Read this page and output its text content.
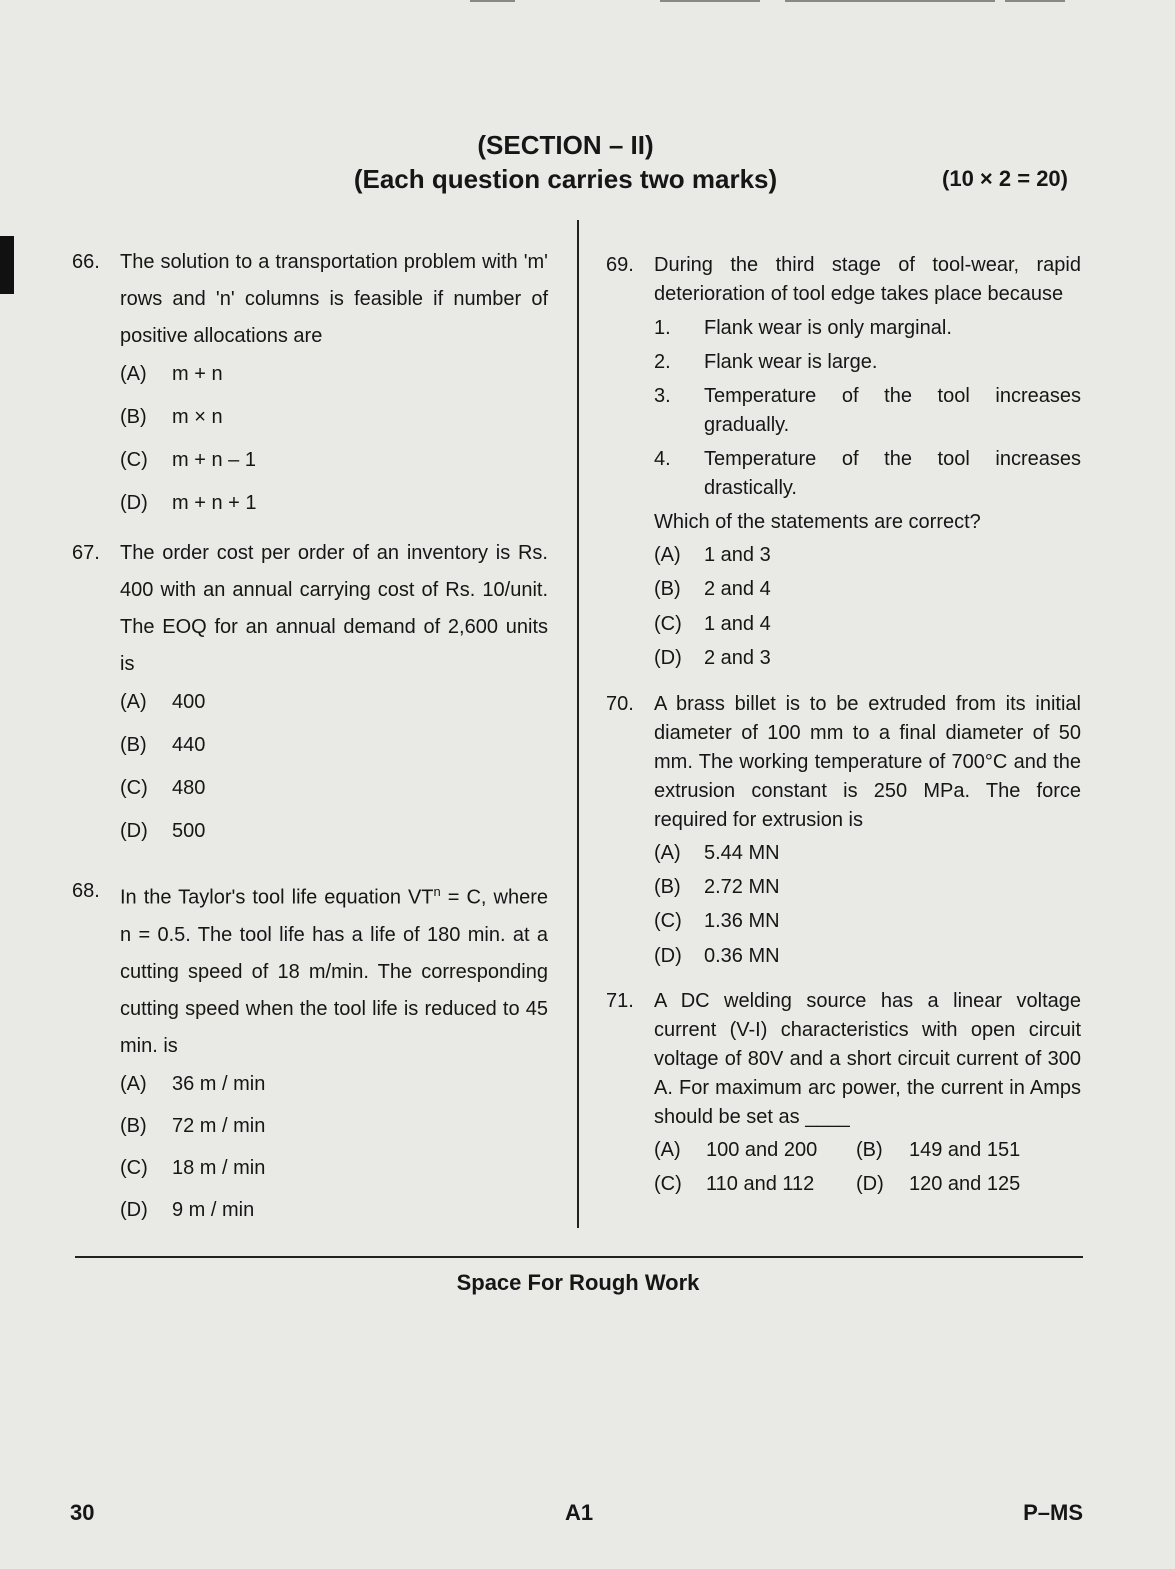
(SECTION – II)
(Each question carries two marks)	(10 × 2 = 20)
66. The solution to a transportation problem with 'm' rows and 'n' columns is feasible if number of positive allocations are
(A) m + n
(B) m × n
(C) m + n – 1
(D) m + n + 1
67. The order cost per order of an inventory is Rs. 400 with an annual carrying cost of Rs. 10/unit. The EOQ for an annual demand of 2,600 units is
(A) 400
(B) 440
(C) 480
(D) 500
68. In the Taylor's tool life equation $VT^n = C$, where n = 0.5. The tool life has a life of 180 min. at a cutting speed of 18 m/min. The corresponding cutting speed when the tool life is reduced to 45 min. is
(A) 36 m / min
(B) 72 m / min
(C) 18 m / min
(D) 9 m / min
69. During the third stage of tool-wear, rapid deterioration of tool edge takes place because
1. Flank wear is only marginal.
2. Flank wear is large.
3. Temperature of the tool increases gradually.
4. Temperature of the tool increases drastically.
Which of the statements are correct?
(A) 1 and 3
(B) 2 and 4
(C) 1 and 4
(D) 2 and 3
70. A brass billet is to be extruded from its initial diameter of 100 mm to a final diameter of 50 mm. The working temperature of 700°C and the extrusion constant is 250 MPa. The force required for extrusion is
(A) 5.44 MN
(B) 2.72 MN
(C) 1.36 MN
(D) 0.36 MN
71. A DC welding source has a linear voltage current (V-I) characteristics with open circuit voltage of 80V and a short circuit current of 300 A. For maximum arc power, the current in Amps should be set as ____
(A) 100 and 200 (B) 149 and 151
(C) 110 and 112 (D) 120 and 125
Space For Rough Work
30	A1	P–MS
